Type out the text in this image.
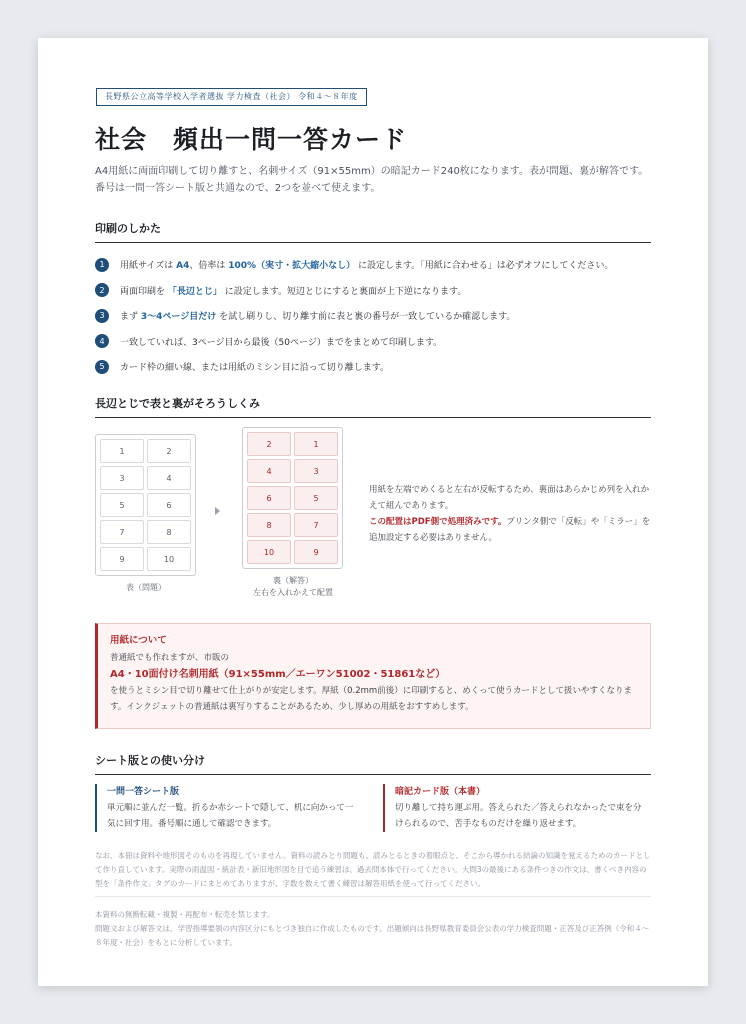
長野県公立高等学校入学者選抜 学力検査（社会） 令和４〜８年度
社会　頻出一問一答カード

A4用紙に両面印刷して切り離すと、名刺サイズ（91×55mm）の暗記カード240枚になります。表が問題、裏が解答です。番号は一問一答シート版と共通なので、2つを並べて使えます。

印刷のしかた
1	用紙サイズは A4、倍率は 100%（実寸・拡大縮小なし） に設定します。「用紙に合わせる」は必ずオフにしてください。
2	両面印刷を 「長辺とじ」 に設定します。短辺とじにすると裏面が上下逆になります。
3	まず 3〜4ページ目だけ を試し刷りし、切り離す前に表と裏の番号が一致しているか確認します。
4	一致していれば、3ページ目から最後（50ページ）までをまとめて印刷します。
5	カード枠の細い線、または用紙のミシン目に沿って切り離します。
長辺とじで表と裏がそろうしくみ
1	2
3	4
5	6
7	8
9	10
表（問題）
2	1
4	3
6	5
8	7
10	9
裏（解答）
左右を入れかえて配置

用紙を左端でめくると左右が反転するため、裏面はあらかじめ列を入れかえて組んであります。
この配置はPDF側で処理済みです。プリンタ側で「反転」や「ミラー」を追加設定する必要はありません。

用紙について
普通紙でも作れますが、市販の
A4・10面付け名刺用紙（91×55mm／エーワン51002・51861など）
を使うとミシン目で切り離せて仕上がりが安定します。厚紙（0.2mm前後）に印刷すると、めくって使うカードとして扱いやすくなります。インクジェットの普通紙は裏写りすることがあるため、少し厚めの用紙をおすすめします。
シート版との使い分け
一問一答シート版
単元順に並んだ一覧。折るか赤シートで隠して、机に向かって一気に回す用。番号順に通して確認できます。
暗記カード版（本書）
切り離して持ち運ぶ用。答えられた／答えられなかったで束を分けられるので、苦手なものだけを繰り返せます。

なお、本冊は資料や地形図そのものを再現していません。資料の読みとり問題も、読みとるときの着眼点と、そこから導かれる結論の知識を覚えるためのカードとして作り直しています。実際の雨温図・統計表・新旧地形図を目で追う練習は、過去問本体で行ってください。大問3の最後にある条件つきの作文は、書くべき内容の型を「条件作文」タグのカードにまとめてありますが、字数を数えて書く練習は解答用紙を使って行ってください。

本資料の無断転載・複製・再配布・転売を禁じます。
問題文および解答文は、学習指導要領の内容区分にもとづき独自に作成したものです。出題傾向は長野県教育委員会公表の学力検査問題・正答及び正答例（令和４〜８年度・社会）をもとに分析しています。
